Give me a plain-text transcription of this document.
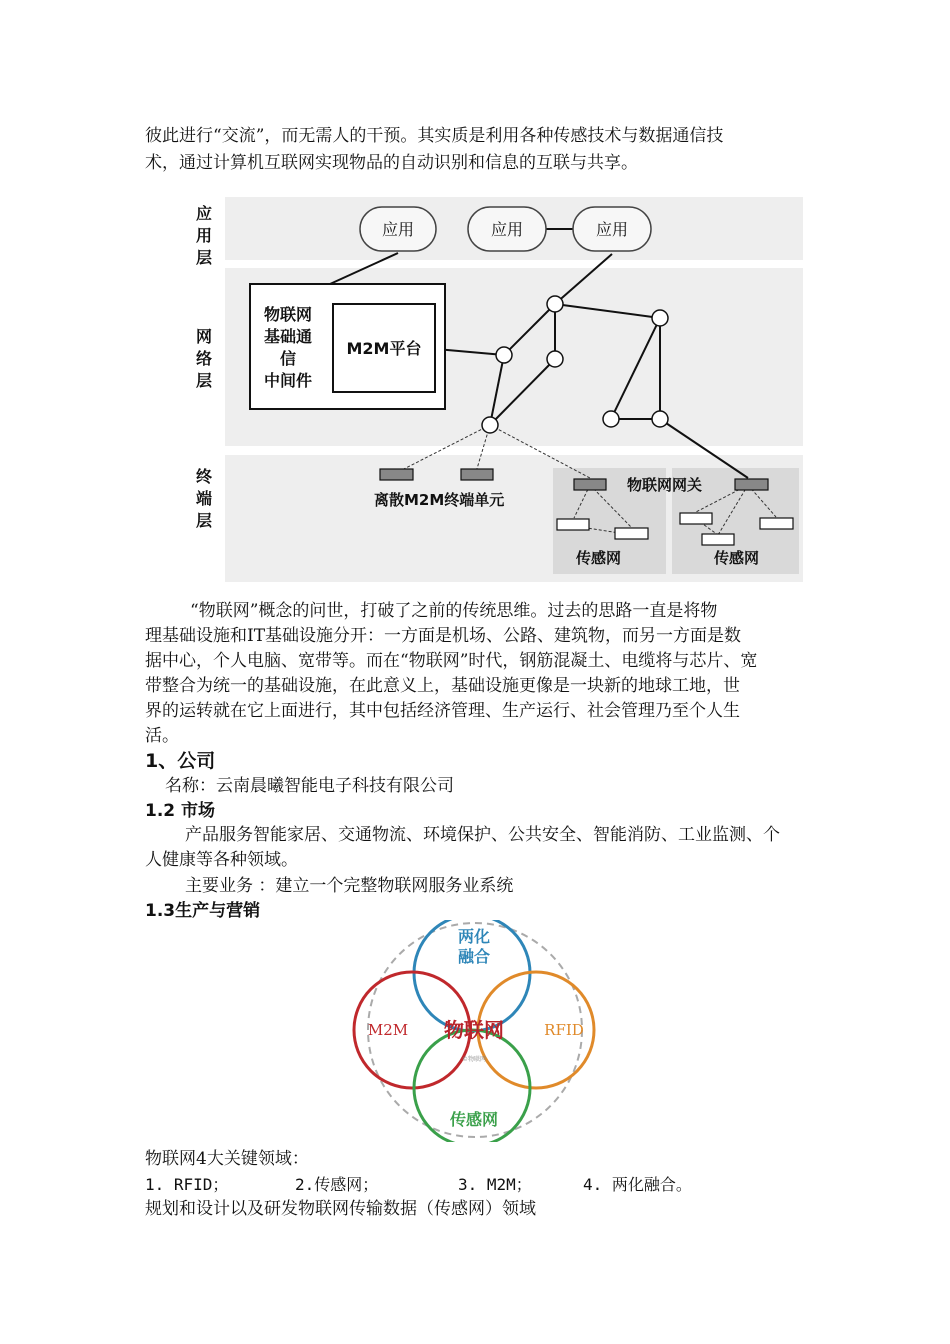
彼此进行“交流”，而无需人的干预。其实质是利用各种传感技术与数据通信技
术，通过计算机互联网实现物品的自动识别和信息的互联与共享。
应
用
层
网
络
层
终
端
层
应用	应用	应用
物联网
基础通
信
中间件
M2M平台
离散M2M终端单元
物联网网关
传感网	传感网
“物联网”概念的问世，打破了之前的传统思维。过去的思路一直是将物
理基础设施和IT基础设施分开：一方面是机场、公路、建筑物，而另一方面是数
据中心，个人电脑、宽带等。而在“物联网”时代，钢筋混凝土、电缆将与芯片、宽
带整合为统一的基础设施，在此意义上，基础设施更像是一块新的地球工地，世
界的运转就在它上面进行，其中包括经济管理、生产运行、社会管理乃至个人生
活。
1、公司
名称：云南晨曦智能电子科技有限公司
1.2 市场
产品服务智能家居、交通物流、环境保护、公共安全、智能消防、工业监测、个
人健康等各种领域。
主要业务 ：建立一个完整物联网服务业系统
1.3生产与营销
两化
融合
M2M	RFID
物联网
©物联网
传感网
物联网4大关键领域：
1. RFID；	2.传感网；	3. M2M；	4. 两化融合。
规划和设计以及研发物联网传输数据（传感网）领域
